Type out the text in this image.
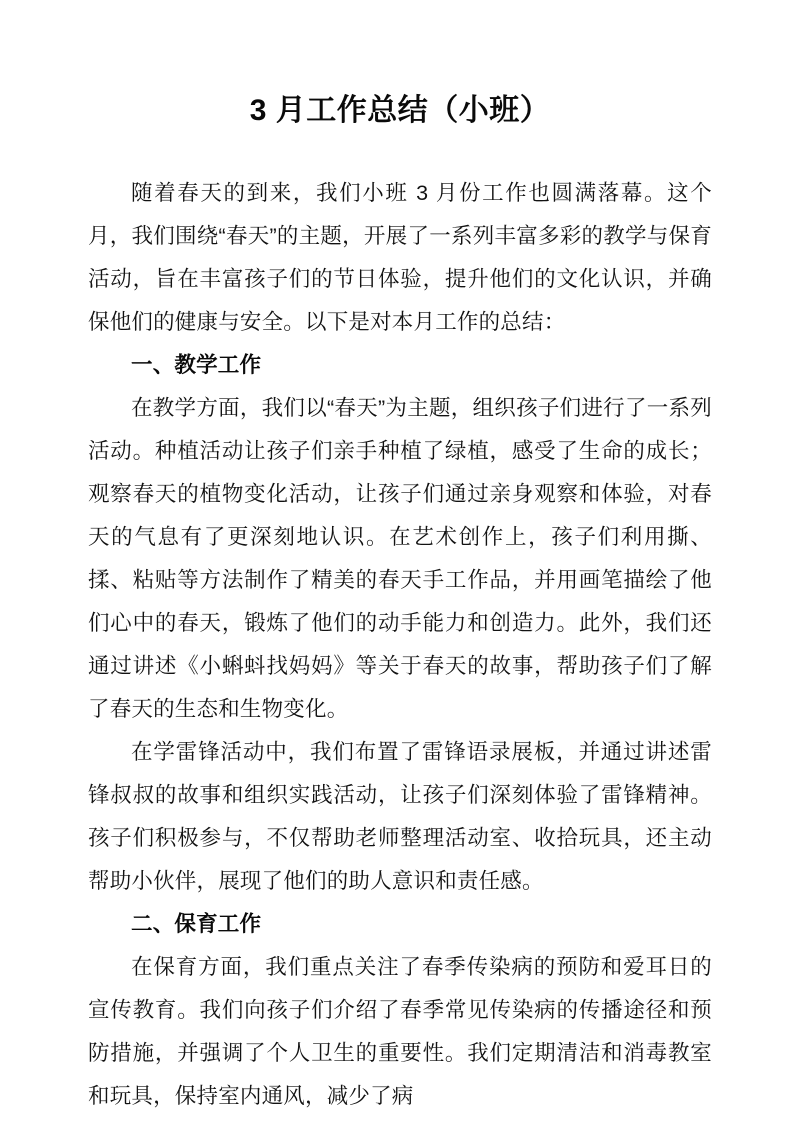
3 月工作总结（小班）

随着春天的到来，我们小班 3 月份工作也圆满落幕。这个月，我们围绕“春天”的主题，开展了一系列丰富多彩的教学与保育活动，旨在丰富孩子们的节日体验，提升他们的文化认识，并确保他们的健康与安全。以下是对本月工作的总结：

一、教学工作

在教学方面，我们以“春天”为主题，组织孩子们进行了一系列活动。种植活动让孩子们亲手种植了绿植，感受了生命的成长；观察春天的植物变化活动，让孩子们通过亲身观察和体验，对春天的气息有了更深刻地认识。在艺术创作上，孩子们利用撕、揉、粘贴等方法制作了精美的春天手工作品，并用画笔描绘了他们心中的春天，锻炼了他们的动手能力和创造力。此外，我们还通过讲述《小蝌蚪找妈妈》等关于春天的故事，帮助孩子们了解了春天的生态和生物变化。

在学雷锋活动中，我们布置了雷锋语录展板，并通过讲述雷锋叔叔的故事和组织实践活动，让孩子们深刻体验了雷锋精神。孩子们积极参与，不仅帮助老师整理活动室、收拾玩具，还主动帮助小伙伴，展现了他们的助人意识和责任感。

二、保育工作

在保育方面，我们重点关注了春季传染病的预防和爱耳日的宣传教育。我们向孩子们介绍了春季常见传染病的传播途径和预防措施，并强调了个人卫生的重要性。我们定期清洁和消毒教室和玩具，保持室内通风，减少了病
